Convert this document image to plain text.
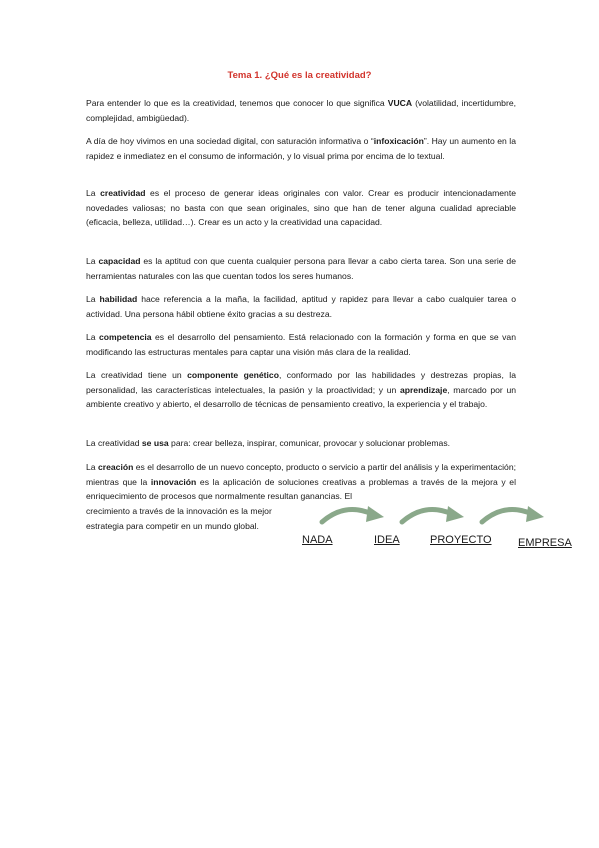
Tema 1. ¿Qué es la creatividad?

Para entender lo que es la creatividad, tenemos que conocer lo que significa VUCA (volatilidad, incertidumbre, complejidad, ambigüedad).

A día de hoy vivimos en una sociedad digital, con saturación informativa o “infoxicación”. Hay un aumento en la rapidez e inmediatez en el consumo de información, y lo visual prima por encima de lo textual.

La creatividad es el proceso de generar ideas originales con valor. Crear es producir intencionadamente novedades valiosas; no basta con que sean originales, sino que han de tener alguna cualidad apreciable (eficacia, belleza, utilidad…). Crear es un acto y la creatividad una capacidad.

La capacidad es la aptitud con que cuenta cualquier persona para llevar a cabo cierta tarea. Son una serie de herramientas naturales con las que cuentan todos los seres humanos.

La habilidad hace referencia a la maña, la facilidad, aptitud y rapidez para llevar a cabo cualquier tarea o actividad. Una persona hábil obtiene éxito gracias a su destreza.

La competencia es el desarrollo del pensamiento. Está relacionado con la formación y forma en que se van modificando las estructuras mentales para captar una visión más clara de la realidad.

La creatividad tiene un componente genético, conformado por las habilidades y destrezas propias, la personalidad, las características intelectuales, la pasión y la proactividad; y un aprendizaje, marcado por un ambiente creativo y abierto, el desarrollo de técnicas de pensamiento creativo, la experiencia y el trabajo.

La creatividad se usa para: crear belleza, inspirar, comunicar, provocar y solucionar problemas.

La creación es el desarrollo de un nuevo concepto, producto o servicio a partir del análisis y la experimentación; mientras que la innovación es la aplicación de soluciones creativas a problemas a través de la mejora y el enriquecimiento de procesos que normalmente resultan ganancias. El

crecimiento a través de la innovación es la mejor estrategia para competir en un mundo global.

NADA	IDEA	PROYECTO EMPRESA
